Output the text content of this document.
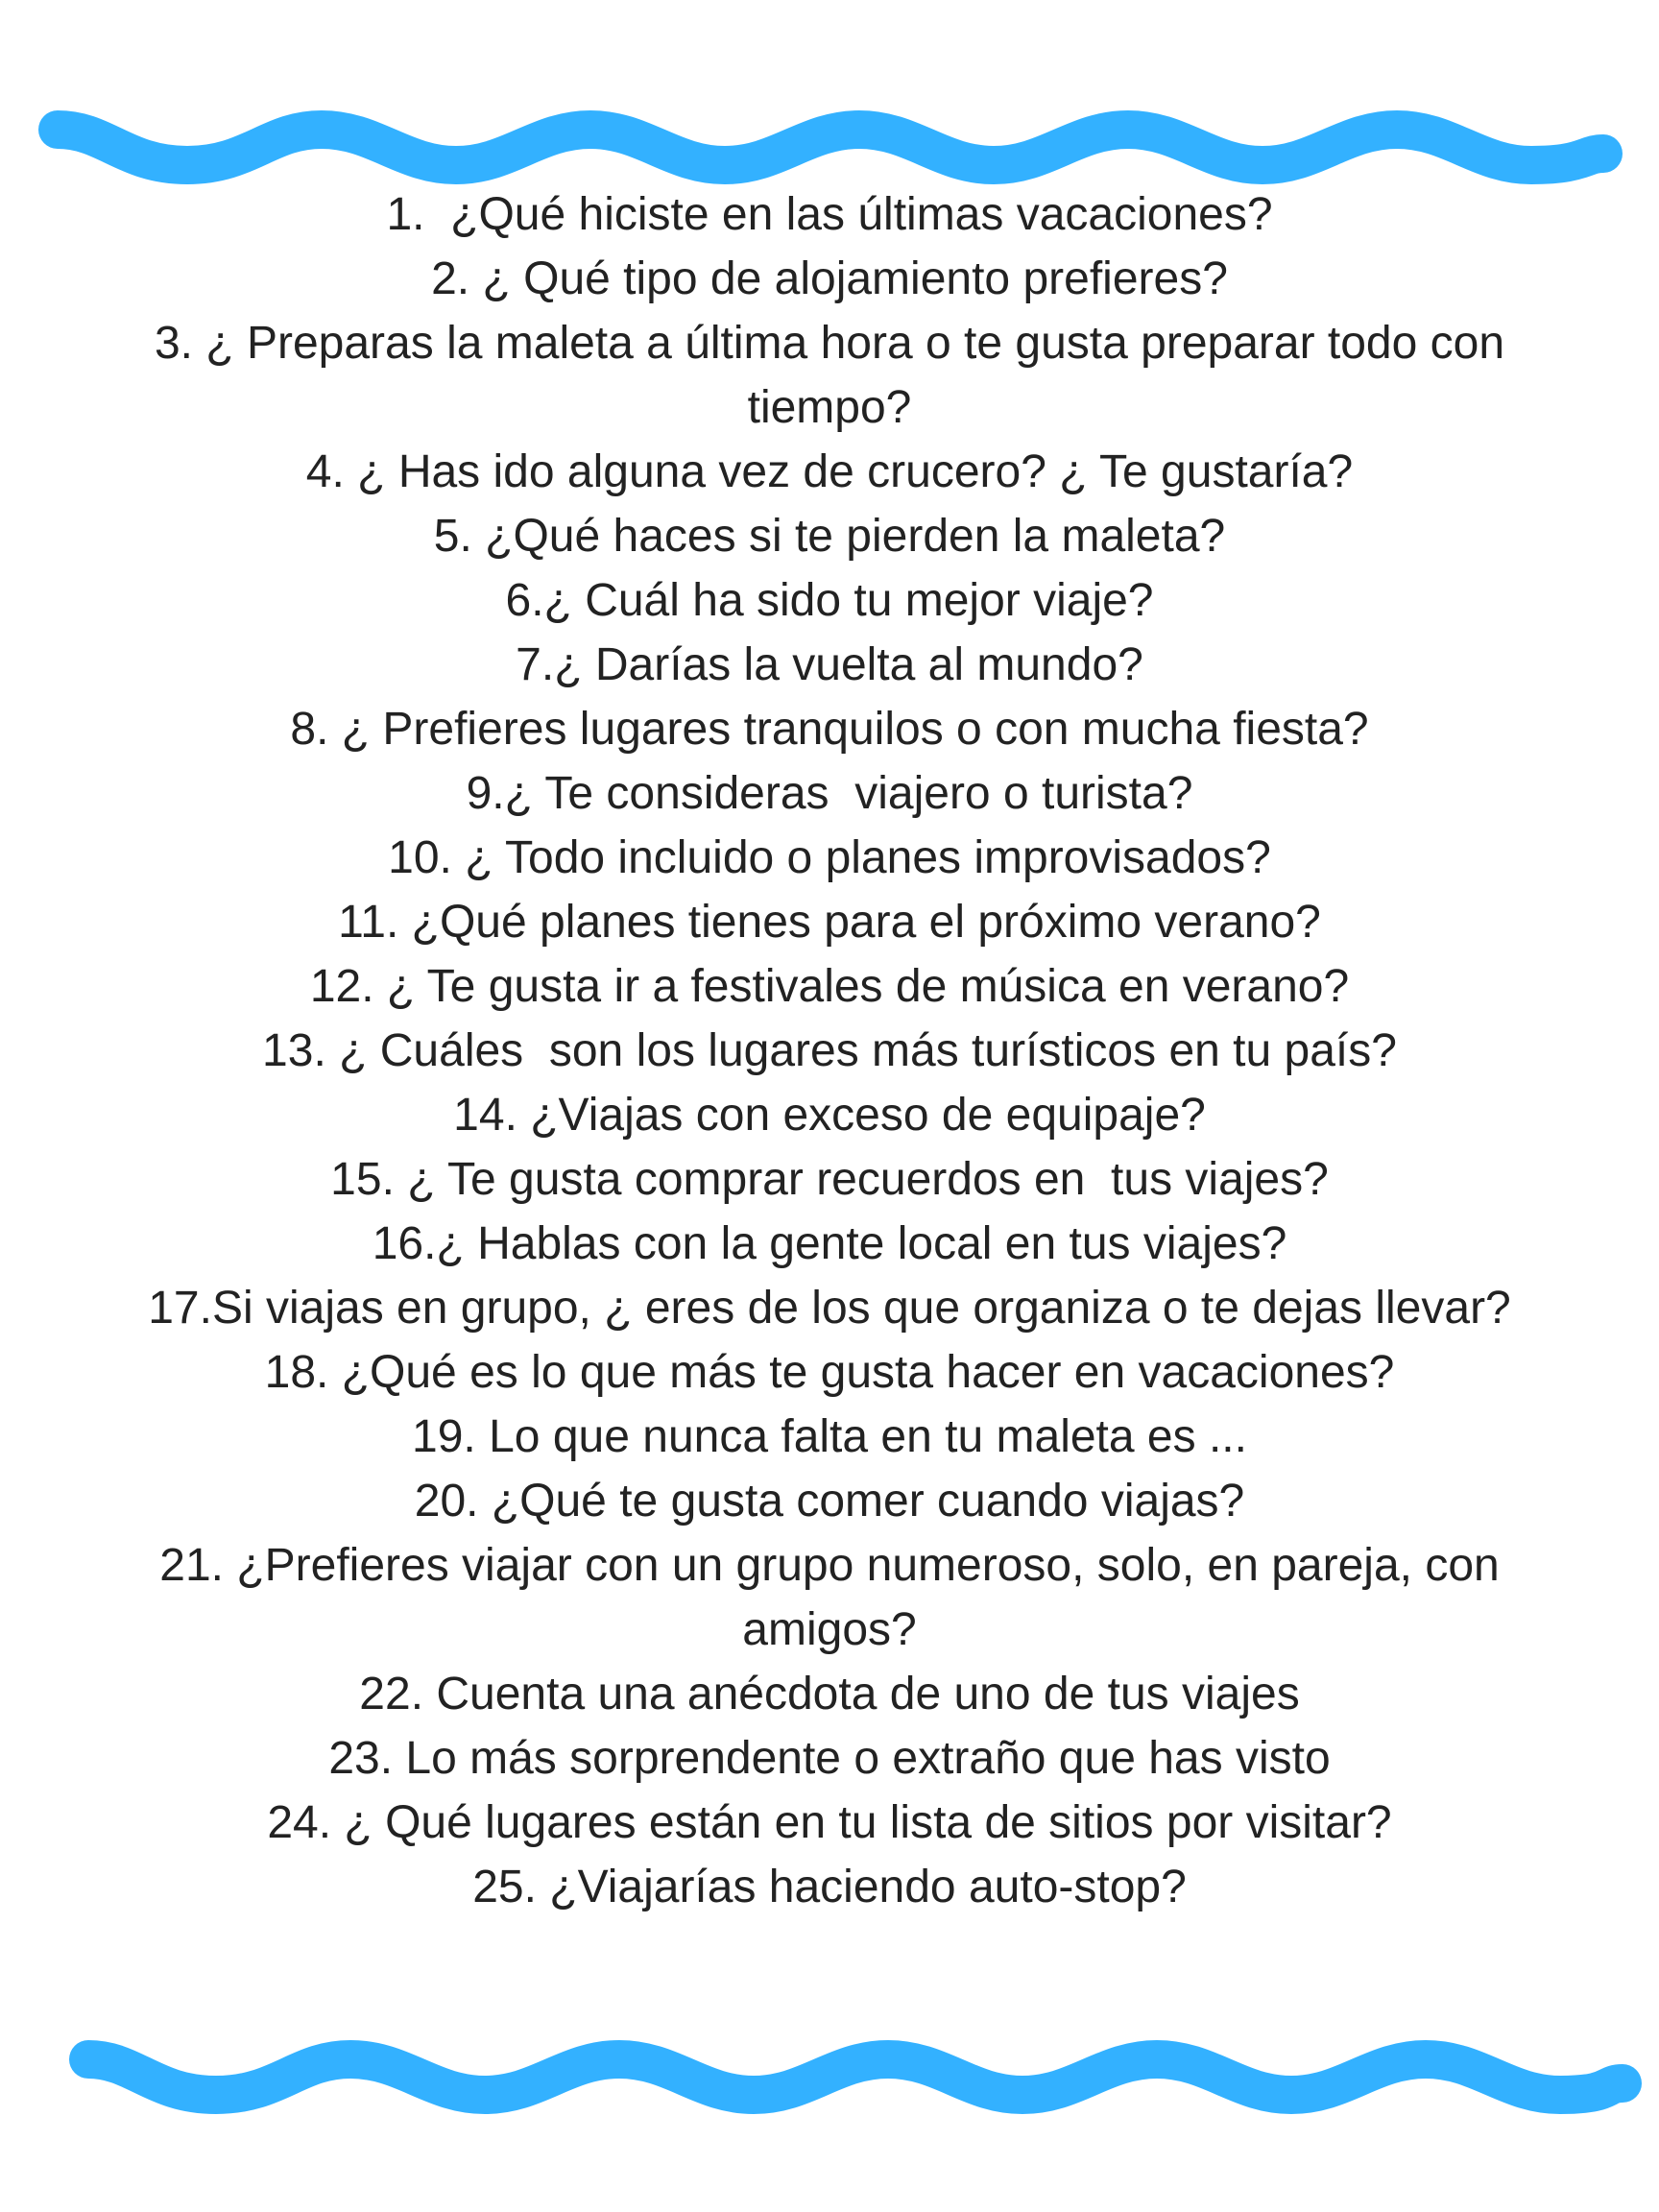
1.  ¿Qué hiciste en las últimas vacaciones?
2. ¿ Qué tipo de alojamiento prefieres?
3. ¿ Preparas la maleta a última hora o te gusta preparar todo con
tiempo?
4. ¿ Has ido alguna vez de crucero? ¿ Te gustaría?
5. ¿Qué haces si te pierden la maleta?
6.¿ Cuál ha sido tu mejor viaje?
7.¿ Darías la vuelta al mundo?
8. ¿ Prefieres lugares tranquilos o con mucha fiesta?
9.¿ Te consideras  viajero o turista?
10. ¿ Todo incluido o planes improvisados?
11. ¿Qué planes tienes para el próximo verano?
12. ¿ Te gusta ir a festivales de música en verano?
13. ¿ Cuáles  son los lugares más turísticos en tu país?
14. ¿Viajas con exceso de equipaje?
15. ¿ Te gusta comprar recuerdos en  tus viajes?
16.¿ Hablas con la gente local en tus viajes?
17.Si viajas en grupo, ¿ eres de los que organiza o te dejas llevar?
18. ¿Qué es lo que más te gusta hacer en vacaciones?
19. Lo que nunca falta en tu maleta es ...
20. ¿Qué te gusta comer cuando viajas?
21. ¿Prefieres viajar con un grupo numeroso, solo, en pareja, con
amigos?
22. Cuenta una anécdota de uno de tus viajes
23. Lo más sorprendente o extraño que has visto
24. ¿ Qué lugares están en tu lista de sitios por visitar?
25. ¿Viajarías haciendo auto-stop?
